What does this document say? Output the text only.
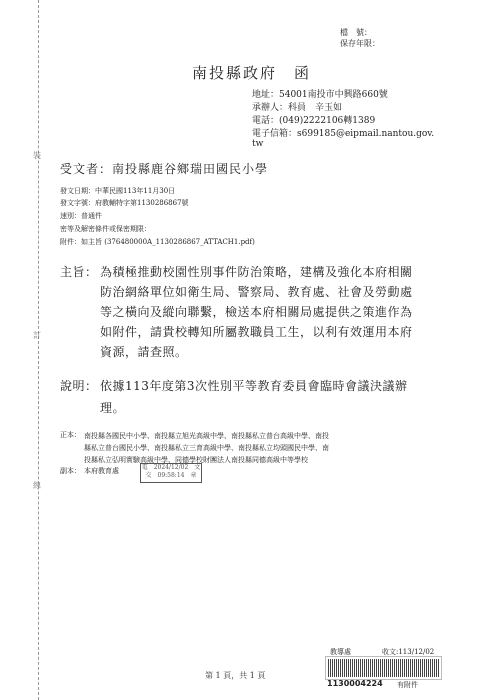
裝
訂
線
檔　號：
保存年限：
南投縣政府　函
地址：54001南投市中興路660號
承辦人：科員　辛玉如
電話：(049)2222106轉1389
電子信箱：s699185@eipmail.nantou.gov.
tw
受文者：南投縣鹿谷鄉瑞田國民小學
發文日期：中華民國113年11月30日
發文字號：府教輔特字第1130286867號
速別：普通件
密等及解密條件或保密期限：
附件：如主旨 (376480000A_1130286867_ATTACH1.pdf)
主旨： 為積極推動校園性別事件防治策略，建構及強化本府相關
防治網絡單位如衛生局、警察局、教育處、社會及勞動處
等之橫向及縱向聯繫，檢送本府相關局處提供之策進作為
如附件，請貴校轉知所屬教職員工生，以利有效運用本府
資源，請查照。
說明： 依據113年度第3次性別平等教育委員會臨時會議決議辦
理。
正本： 南投縣各國民中小學、南投縣立旭光高級中學、南投縣私立普台高級中學、南投
縣私立普台國民小學、南投縣私立三育高級中學、南投縣私立均頭國民中學、南
投縣私立弘明實驗高級中學、同德學校財團法人南投縣同德高級中等學校
副本： 本府教育處	電　2024/12/02　文
交　09:58:14　章
第 1 頁，共 1 頁
教導處	收文:113/12/02
1130004224 有附件
